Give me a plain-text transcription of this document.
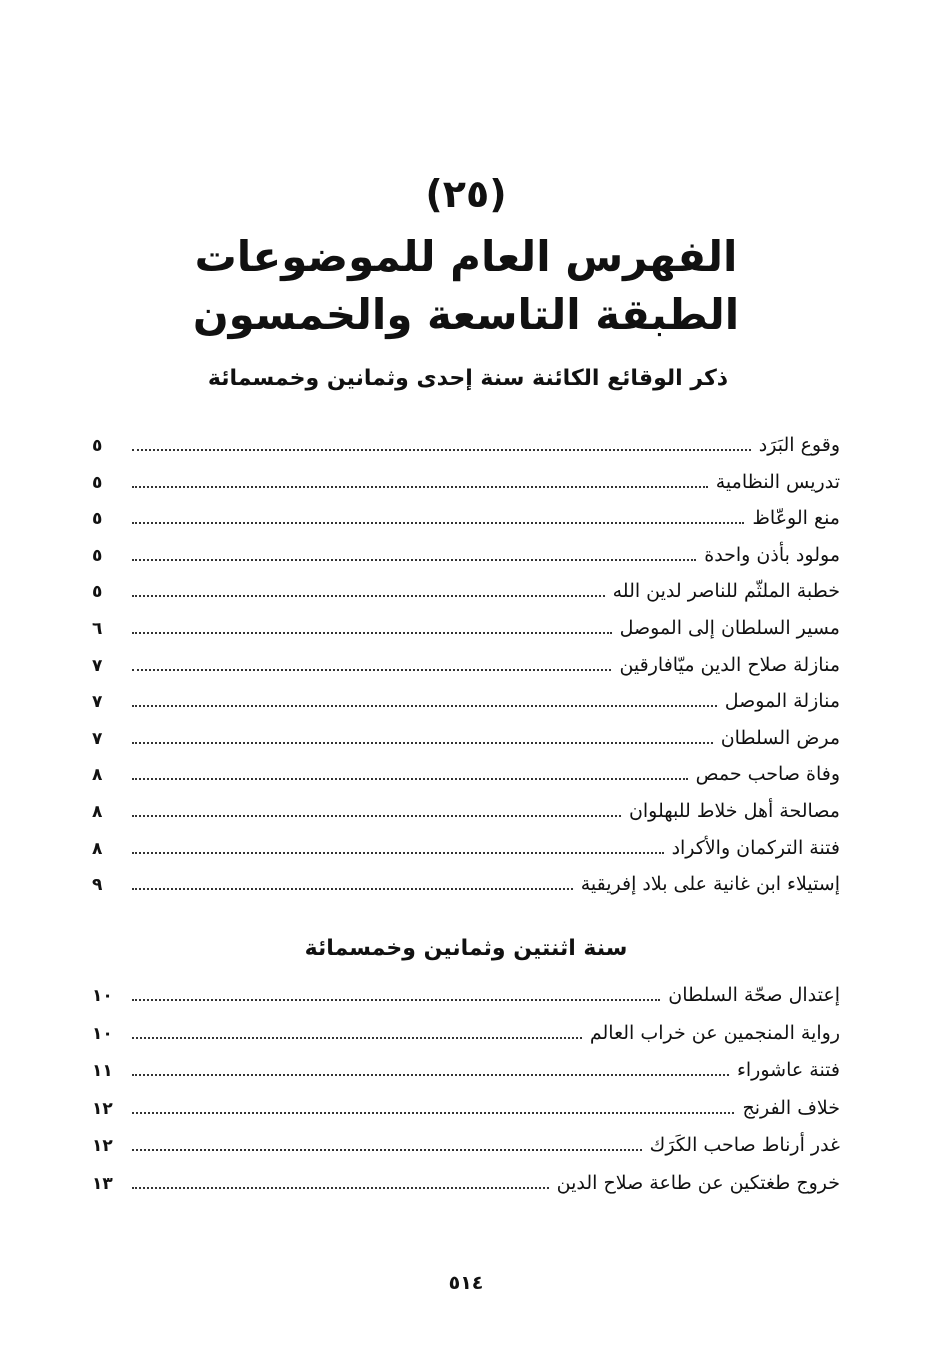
(٢٥)
الفهرس العام للموضوعات
الطبقة التاسعة والخمسون
ذكر الوقائع الكائنة سنة إحدى وثمانين وخمسمائة
وقوع البَرَد
٥
تدريس النظامية
٥
منع الوعّاظ
٥
مولود بأذن واحدة
٥
خطبة الملثّم للناصر لدين الله
٥
مسير السلطان إلى الموصل
٦
منازلة صلاح الدين ميّافارقين
٧
منازلة الموصل
٧
مرض السلطان
٧
وفاة صاحب حمص
٨
مصالحة أهل خلاط للبهلوان
٨
فتنة التركمان والأكراد
٨
إستيلاء ابن غانية على بلاد إفريقية
٩
سنة اثنتين وثمانين وخمسمائة
إعتدال صحّة السلطان
١٠
رواية المنجمين عن خراب العالم
١٠
فتنة عاشوراء
١١
خلاف الفرنج
١٢
غدر أرناط صاحب الكَرَك
١٢
خروج طغتكين عن طاعة صلاح الدين
١٣
٥١٤
